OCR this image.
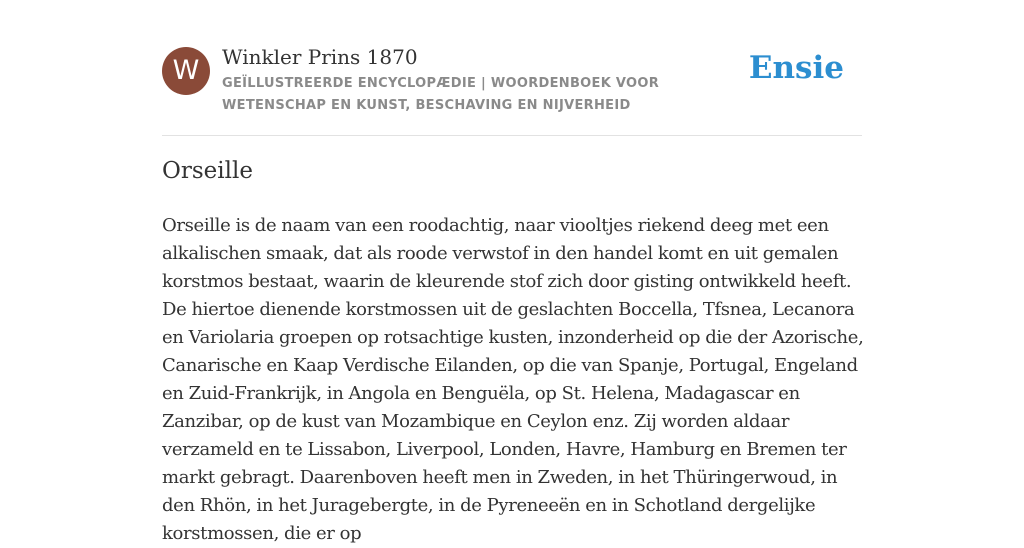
W	Winkler Prins 1870
GEÏLLUSTREERDE ENCYCLOPÆDIE | WOORDENBOEK VOOR WETENSCHAP EN KUNST, BESCHAVING EN NIJVERHEID
Ensie
Orseille

Orseille is de naam van een roodachtig, naar viooltjes riekend deeg met een alkalischen smaak, dat als roode verwstof in den handel komt en uit gemalen korstmos bestaat, waarin de kleurende stof zich door gisting ontwikkeld heeft. De hiertoe dienende korstmossen uit de geslachten Boccella, Tfsnea, Lecanora en Variolaria groepen op rotsachtige kusten, inzonderheid op die der Azorische, Canarische en Kaap Verdische Eilanden, op die van Spanje, Portugal, Engeland en Zuid-Frankrijk, in Angola en Benguëla, op St. Helena, Madagascar en Zanzibar, op de kust van Mozambique en Ceylon enz. Zij worden aldaar verzameld en te Lissabon, Liverpool, Londen, Havre, Hamburg en Bremen ter markt gebragt. Daarenboven heeft men in Zweden, in het Thüringerwoud, in den Rhön, in het Juragebergte, in de Pyreneeën en in Schotland dergelijke korstmossen, die er op
